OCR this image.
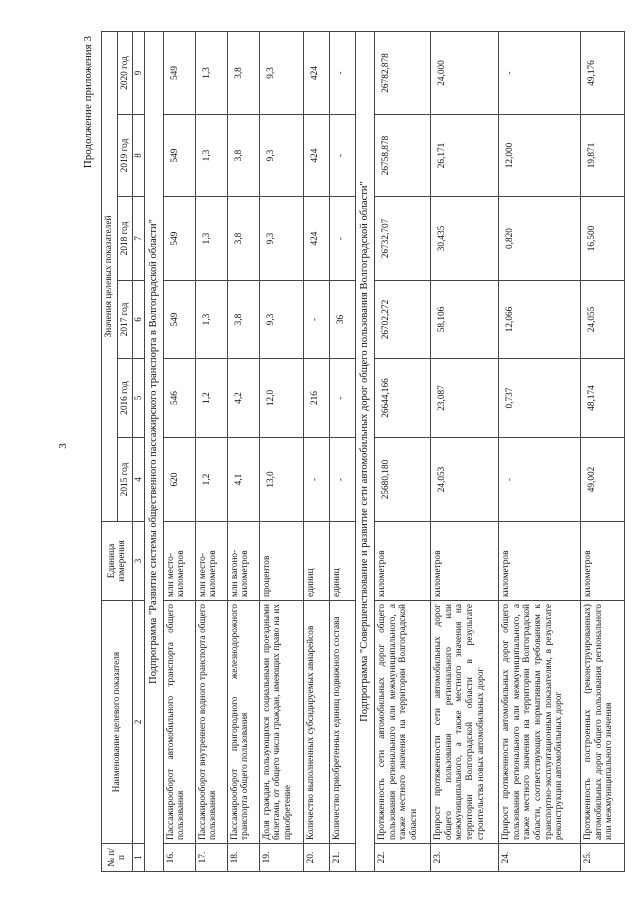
3
Продолжение приложения 3
№ п/п	Наименование целевого показателя	Единица измерения	Значения целевых показателей					
			2015 год	2016 год	2017 год	2018 год	2019 год	2020 год
1	2	3	4	5	6	7	8	9
Подпрограмма "Развитие системы общественного пассажирского транспорта в Волгоградской области"								
16.	Пассажирооборот автомобильного транспорта общего пользования	млн место-километров	620	546	549	549	549	549
17.	Пассажирооборот внутреннего водного транспорта общего пользования	млн место-километров	1,2	1,2	1,3	1,3	1,3	1,3
18.	Пассажирооборот пригородного железнодорожного транспорта общего пользования	млн вагоно-километров	4,1	4,2	3,8	3,8	3,8	3,8
19.	Доля граждан, пользующихся социальными проездными билетами, от общего числа граждан, имеющих право на их приобретение	процентов	13,0	12,0	9,3	9,3	9,3	9,3
20.	Количество выполненных субсидируемых авиарейсов	единиц	-	216	-	424	424	424
21.	Количество приобретенных единиц подвижного состава	единиц	-	-	36	-	-	-
Подпрограмма "Совершенствование и развитие сети автомобильных дорог общего пользования Волгоградской области"								
22.	Протяженность сети автомобильных дорог общего пользования регионального или межмуниципального, а также местного значения на территории Волгоградской области	километров	25680,180	26644,166	26702,272	26732,707	26758,878	26782,878
23.	Прирост протяженности сети автомобильных дорог общего пользования регионального или межмуниципального, а также местного значения на территории Волгоградской области в результате строительства новых автомобильных дорог	километров	24,053	23,087	58,106	30,435	26,171	24,000
24.	Прирост протяженности автомобильных дорог общего пользования регионального или межмуниципального, а также местного значения на территории Волгоградской области, соответствующих нормативным требованиям к транспортно-эксплуатационным показателям, в результате реконструкции автомобильных дорог	километров	-	0,737	12,066	0,820	12,000	-
25.	Протяженность построенных (реконструированных) автомобильных дорог общего пользования регионального или межмуниципального значения	километров	49,002	48,174	24,055	16,500	19,871	49,176
